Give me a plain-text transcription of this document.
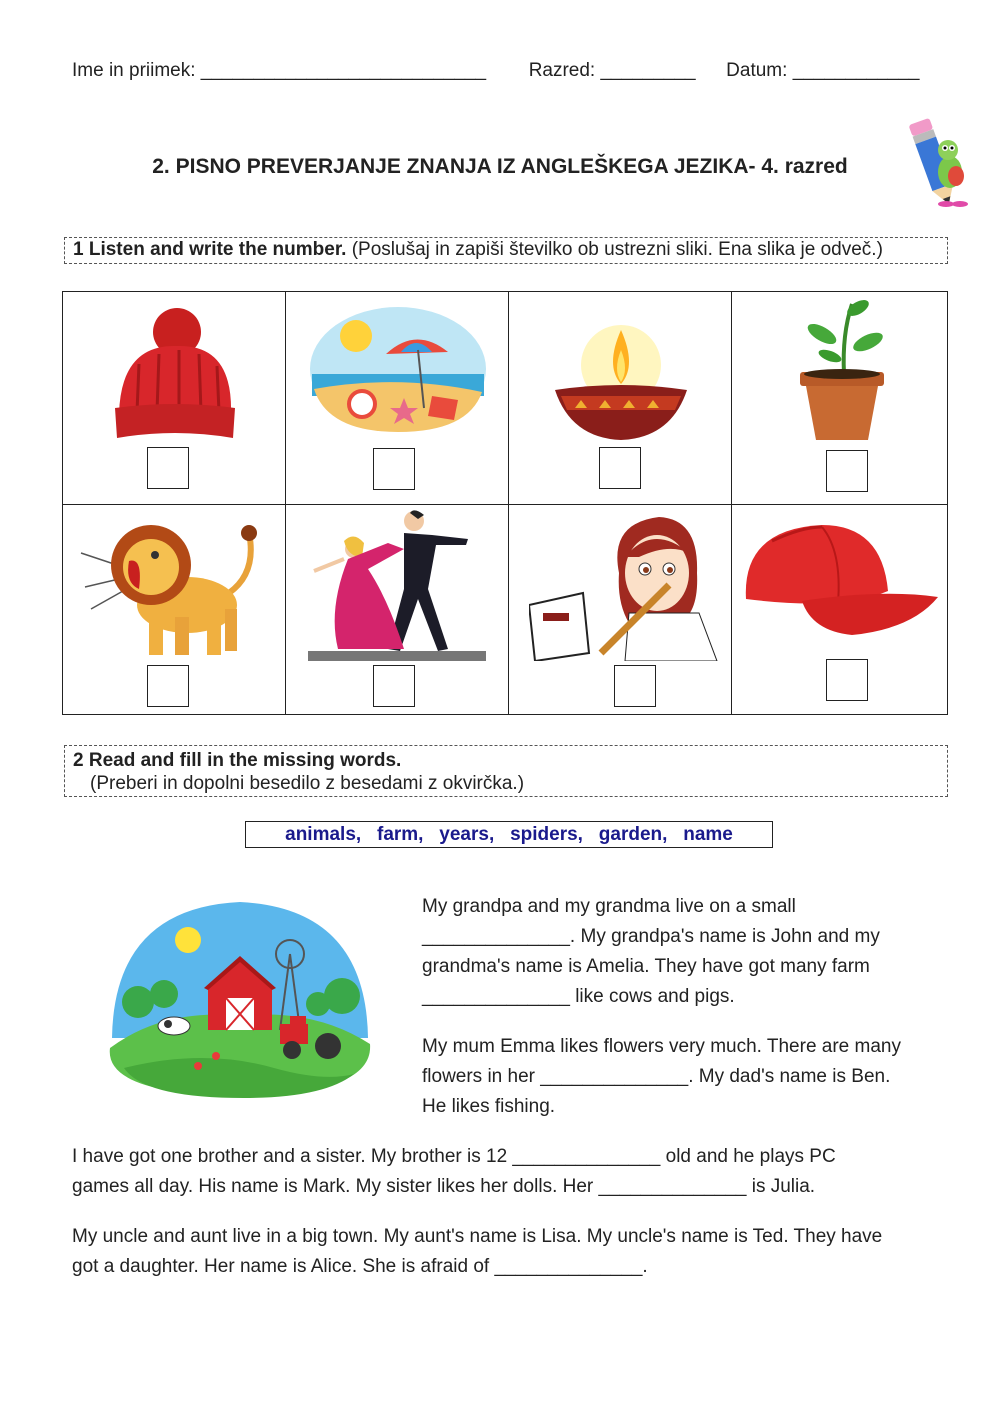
Ime in priimek: ___________________________ Razred: _________ Datum: ____________
2. PISNO PREVERJANJE ZNANJA IZ ANGLEŠKEGA JEZIKA- 4. razred
1 Listen and write the number. (Poslušaj in zapiši številko ob ustrezni sliki. Ena slika je odveč.)
2 Read and fill in the missing words.
(Preberi in dopolni besedilo z besedami z okvirčka.)
animals,   farm,   years,   spiders,   garden,   name
My grandpa and my grandma live on a small
______________. My grandpa's name is John and my
grandma's name is Amelia. They have got many farm
______________ like cows and pigs.
My mum Emma likes flowers very much. There are many
flowers in her ______________. My dad's name is Ben.
He likes fishing.
I have got one brother and a sister. My brother is 12 ______________ old and he plays PC
games all day. His name is Mark. My sister likes her dolls. Her ______________ is Julia.
My uncle and aunt live in a big town. My aunt's name is Lisa. My uncle's name is Ted. They have
got a daughter. Her name is Alice. She is afraid of ______________.
